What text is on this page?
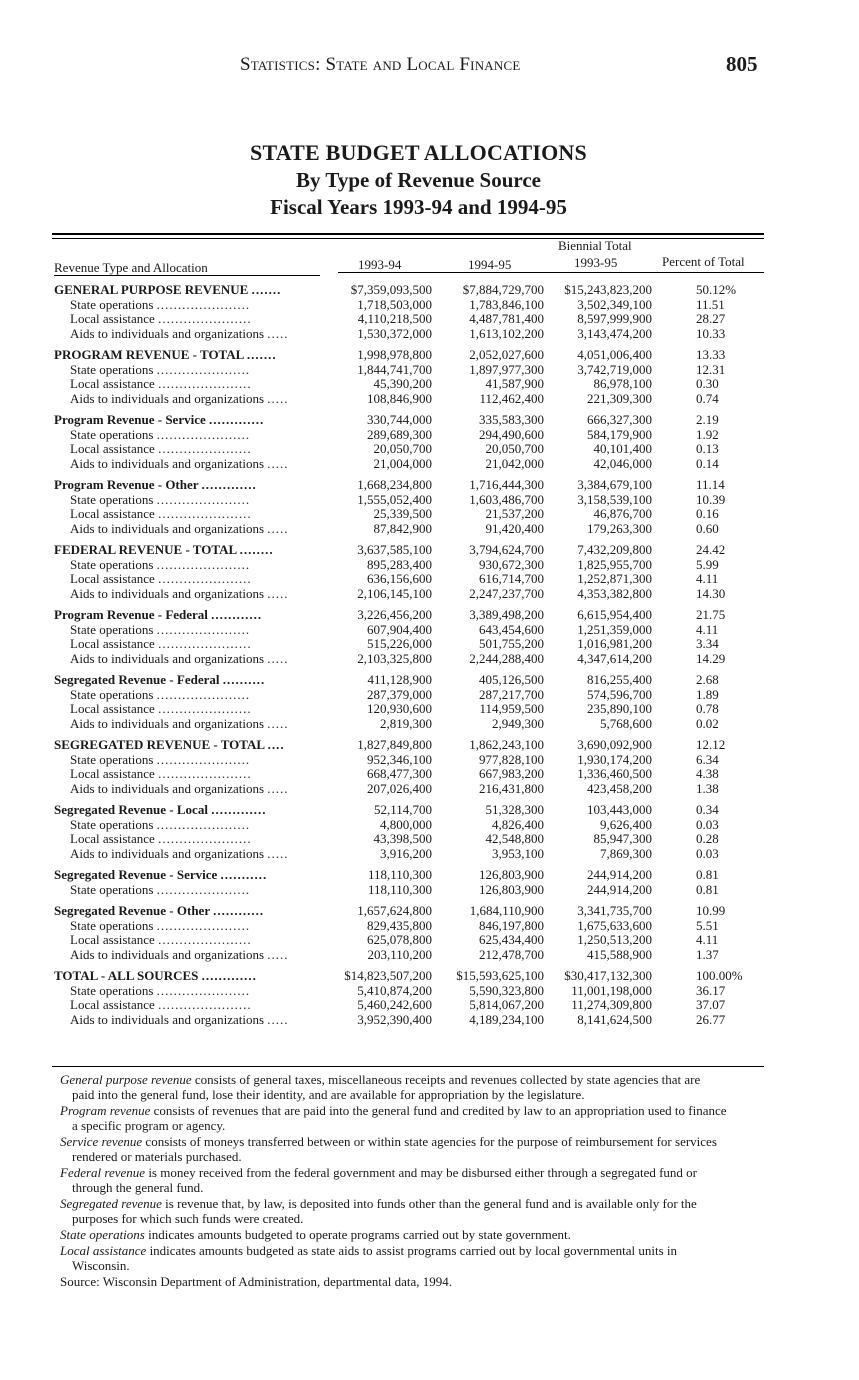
Statistics: State and Local Finance	805
STATE BUDGET ALLOCATIONS
By Type of Revenue Source
Fiscal Years 1993-94 and 1994-95
Revenue Type and Allocation	1993-94	1994-95
Biennial Total
1993-95	Percent of Total
GENERAL PURPOSE REVENUE .......	$7,359,093,500 $7,884,729,700 $15,243,823,200	50.12%
State operations ......................	1,718,503,000	1,783,846,100	3,502,349,100	11.51
Local assistance ......................	4,110,218,500	4,487,781,400	8,597,999,900	28.27
Aids to individuals and organizations .....	1,530,372,000	1,613,102,200	3,143,474,200	10.33
PROGRAM REVENUE - TOTAL .......	1,998,978,800	2,052,027,600	4,051,006,400	13.33
State operations ......................	1,844,741,700	1,897,977,300	3,742,719,000	12.31
Local assistance ......................	45,390,200	41,587,900	86,978,100	0.30
Aids to individuals and organizations .....	108,846,900	112,462,400	221,309,300	0.74
Program Revenue - Service .............	330,744,000	335,583,300	666,327,300	2.19
State operations ......................	289,689,300	294,490,600	584,179,900	1.92
Local assistance ......................	20,050,700	20,050,700	40,101,400	0.13
Aids to individuals and organizations .....	21,004,000	21,042,000	42,046,000	0.14
Program Revenue - Other .............	1,668,234,800	1,716,444,300	3,384,679,100	11.14
State operations ......................	1,555,052,400	1,603,486,700	3,158,539,100	10.39
Local assistance ......................	25,339,500	21,537,200	46,876,700	0.16
Aids to individuals and organizations .....	87,842,900	91,420,400	179,263,300	0.60
FEDERAL REVENUE - TOTAL ........	3,637,585,100	3,794,624,700	7,432,209,800	24.42
State operations ......................	895,283,400	930,672,300	1,825,955,700	5.99
Local assistance ......................	636,156,600	616,714,700	1,252,871,300	4.11
Aids to individuals and organizations .....	2,106,145,100	2,247,237,700	4,353,382,800	14.30
Program Revenue - Federal ............	3,226,456,200	3,389,498,200	6,615,954,400	21.75
State operations ......................	607,904,400	643,454,600	1,251,359,000	4.11
Local assistance ......................	515,226,000	501,755,200	1,016,981,200	3.34
Aids to individuals and organizations .....	2,103,325,800	2,244,288,400	4,347,614,200	14.29
Segregated Revenue - Federal ..........	411,128,900	405,126,500	816,255,400	2.68
State operations ......................	287,379,000	287,217,700	574,596,700	1.89
Local assistance ......................	120,930,600	114,959,500	235,890,100	0.78
Aids to individuals and organizations .....	2,819,300	2,949,300	5,768,600	0.02
SEGREGATED REVENUE - TOTAL ....	1,827,849,800	1,862,243,100	3,690,092,900	12.12
State operations ......................	952,346,100	977,828,100	1,930,174,200	6.34
Local assistance ......................	668,477,300	667,983,200	1,336,460,500	4.38
Aids to individuals and organizations .....	207,026,400	216,431,800	423,458,200	1.38
Segregated Revenue - Local .............	52,114,700	51,328,300	103,443,000	0.34
State operations ......................	4,800,000	4,826,400	9,626,400	0.03
Local assistance ......................	43,398,500	42,548,800	85,947,300	0.28
Aids to individuals and organizations .....	3,916,200	3,953,100	7,869,300	0.03
Segregated Revenue - Service ...........	118,110,300	126,803,900	244,914,200	0.81
State operations ......................	118,110,300	126,803,900	244,914,200	0.81
Segregated Revenue - Other ............	1,657,624,800	1,684,110,900	3,341,735,700	10.99
State operations ......................	829,435,800	846,197,800	1,675,633,600	5.51
Local assistance ......................	625,078,800	625,434,400	1,250,513,200	4.11
Aids to individuals and organizations .....	203,110,200	212,478,700	415,588,900	1.37
TOTAL - ALL SOURCES .............	$14,823,507,200 $15,593,625,100 $30,417,132,300	100.00%
State operations ......................	5,410,874,200	5,590,323,800 11,001,198,000	36.17
Local assistance ......................	5,460,242,600	5,814,067,200 11,274,309,800	37.07
Aids to individuals and organizations .....	3,952,390,400	4,189,234,100	8,141,624,500	26.77
General purpose revenue consists of general taxes, miscellaneous receipts and revenues collected by state agencies that are
paid into the general fund, lose their identity, and are available for appropriation by the legislature.
Program revenue consists of revenues that are paid into the general fund and credited by law to an appropriation used to finance
a specific program or agency.
Service revenue consists of moneys transferred between or within state agencies for the purpose of reimbursement for services
rendered or materials purchased.
Federal revenue is money received from the federal government and may be disbursed either through a segregated fund or
through the general fund.
Segregated revenue is revenue that, by law, is deposited into funds other than the general fund and is available only for the
purposes for which such funds were created.
State operations indicates amounts budgeted to operate programs carried out by state government.
Local assistance indicates amounts budgeted as state aids to assist programs carried out by local governmental units in
Wisconsin.
Source: Wisconsin Department of Administration, departmental data, 1994.
